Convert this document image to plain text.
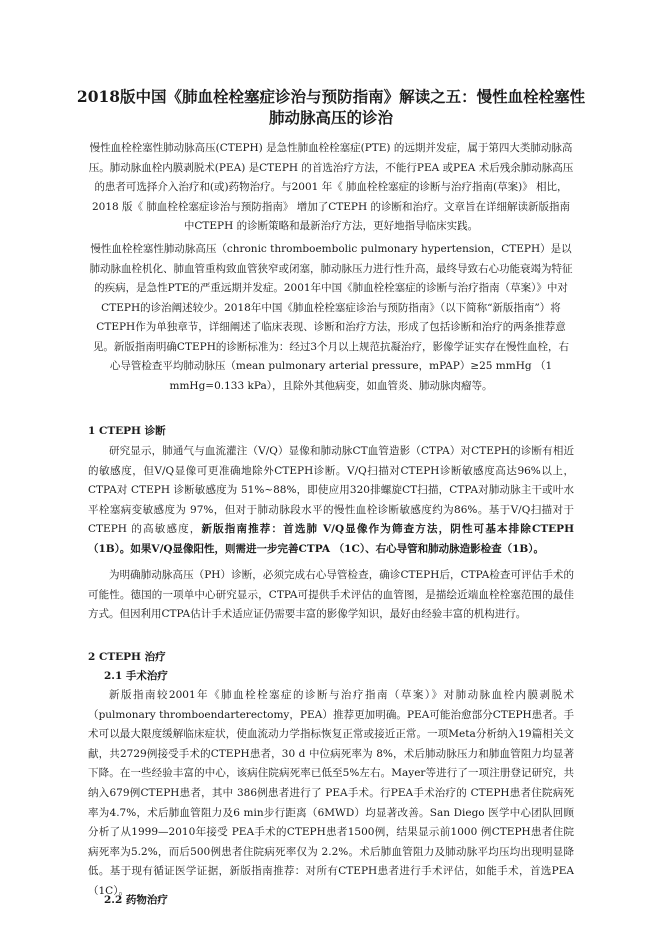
2018版中国《肺血栓栓塞症诊治与预防指南》解读之五：慢性血栓栓塞性肺动脉高压的诊治
慢性血栓栓塞性肺动脉高压(CTEPH) 是急性肺血栓栓塞症(PTE) 的远期并发症，属于第四大类肺动脉高压。肺动脉血栓内膜剥脱术(PEA) 是CTEPH 的首选治疗方法，不能行PEA 或PEA 术后残余肺动脉高压的患者可选择介入治疗和(或)药物治疗。与2001 年《 肺血栓栓塞症的诊断与治疗指南(草案)》 相比，2018 版《 肺血栓栓塞症诊治与预防指南》 增加了CTEPH 的诊断和治疗。文章旨在详细解读新版指南中CTEPH 的诊断策略和最新治疗方法，更好地指导临床实践。
慢性血栓栓塞性肺动脉高压（chronic thromboembolic pulmonary hypertension，CTEPH）是以肺动脉血栓机化、肺血管重构致血管狭窄或闭塞，肺动脉压力进行性升高，最终导致右心功能衰竭为特征的疾病，是急性PTE的严重远期并发症。2001年中国《肺血栓栓塞症的诊断与治疗指南（草案）》中对CTEPH的诊治阐述较少。2018年中国《肺血栓栓塞症诊治与预防指南》（以下简称“新版指南”）将CTEPH作为单独章节，详细阐述了临床表现、诊断和治疗方法，形成了包括诊断和治疗的两条推荐意见。新版指南明确CTEPH的诊断标准为：经过3个月以上规范抗凝治疗，影像学证实存在慢性血栓，右心导管检查平均肺动脉压（mean pulmonary arterial pressure，mPAP）≥25 mmHg （1 mmHg=0.133 kPa），且除外其他病变，如血管炎、肺动脉肉瘤等。
1 CTEPH 诊断
研究显示，肺通气与血流灌注（V/Q）显像和肺动脉CT血管造影（CTPA）对CTEPH的诊断有相近的敏感度，但V/Q显像可更准确地除外CTEPH诊断。V/Q扫描对CTEPH诊断敏感度高达96%以上， CTPA对 CTEPH 诊断敏感度为 51%~88%，即使应用320排螺旋CT扫描，CTPA对肺动脉主干或叶水平栓塞病变敏感度为 97%，但对于肺动脉段水平的慢性血栓诊断敏感度约为86%。基于V/Q扫描对于 CTEPH 的高敏感度，新版指南推荐：首选肺 V/Q显像作为筛查方法，阴性可基本排除CTEPH （1B）。如果V/Q显像阳性，则需进一步完善CTPA （1C）、右心导管和肺动脉造影检查（1B）。
为明确肺动脉高压（PH）诊断，必须完成右心导管检查，确诊CTEPH后，CTPA检查可评估手术的可能性。德国的一项单中心研究显示，CTPA可提供手术评估的血管图，是描绘近端血栓栓塞范围的最佳方式。但因利用CTPA估计手术适应证仍需要丰富的影像学知识，最好由经验丰富的机构进行。
2 CTEPH 治疗
2.1 手术治疗
新版指南较2001年《肺血栓栓塞症的诊断与治疗指南（草案）》对肺动脉血栓内膜剥脱术（pulmonary thromboendarterectomy，PEA）推荐更加明确。PEA可能治愈部分CTEPH患者。手术可以最大限度缓解临床症状，使血流动力学指标恢复正常或接近正常。一项Meta分析纳入19篇相关文献，共2729例接受手术的CTEPH患者，30 d 中位病死率为 8%，术后肺动脉压力和肺血管阻力均显著下降。在一些经验丰富的中心，该病住院病死率已低至5%左右。Mayer等进行了一项注册登记研究，共纳入679例CTEPH患者，其中 386例患者进行了 PEA手术。行PEA手术治疗的 CTEPH患者住院病死率为4.7%，术后肺血管阻力及6 min步行距离（6MWD）均显著改善。San Diego 医学中心团队回顾分析了从1999—2010年接受 PEA手术的CTEPH患者1500例，结果显示前1000 例CTEPH患者住院病死率为5.2%，而后500例患者住院病死率仅为 2.2%。术后肺血管阻力及肺动脉平均压均出现明显降低。基于现有循证医学证据，新版指南推荐：对所有CTEPH患者进行手术评估，如能手术，首选PEA（1C）。
2.2 药物治疗
